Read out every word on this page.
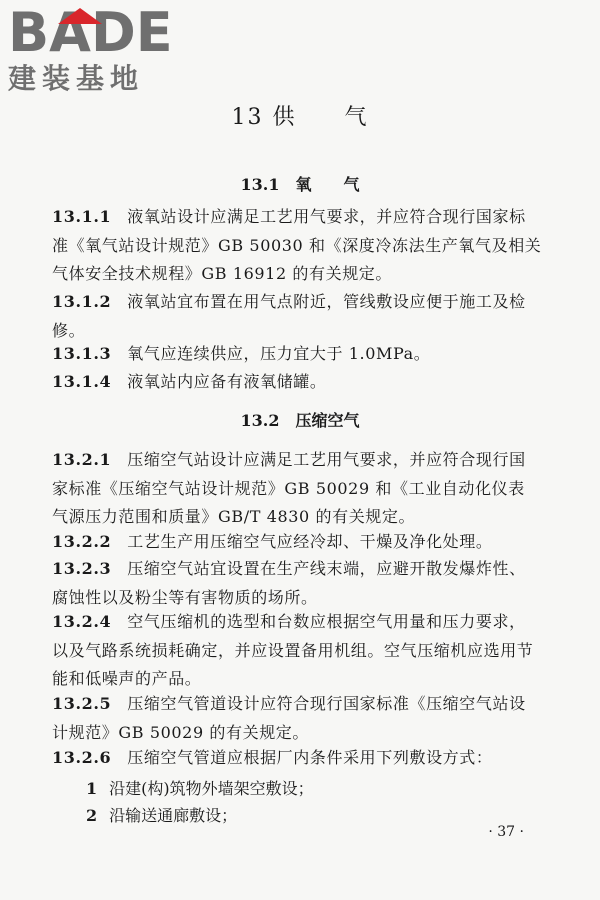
BADE
建装基地
13 供　　气
13.1　氧　　气
13.1.1 液氧站设计应满足工艺用气要求，并应符合现行国家标准《氧气站设计规范》GB 50030 和《深度冷冻法生产氧气及相关气体安全技术规程》GB 16912 的有关规定。
13.1.2 液氧站宜布置在用气点附近，管线敷设应便于施工及检修。
13.1.3 氧气应连续供应，压力宜大于 1.0MPa。
13.1.4 液氧站内应备有液氧储罐。
13.2　压缩空气
13.2.1 压缩空气站设计应满足工艺用气要求，并应符合现行国家标准《压缩空气站设计规范》GB 50029 和《工业自动化仪表　气源压力范围和质量》GB/T 4830 的有关规定。
13.2.2 工艺生产用压缩空气应经冷却、干燥及净化处理。
13.2.3 压缩空气站宜设置在生产线末端，应避开散发爆炸性、腐蚀性以及粉尘等有害物质的场所。
13.2.4 空气压缩机的选型和台数应根据空气用量和压力要求，以及气路系统损耗确定，并应设置备用机组。空气压缩机应选用节能和低噪声的产品。
13.2.5 压缩空气管道设计应符合现行国家标准《压缩空气站设计规范》GB 50029 的有关规定。
13.2.6 压缩空气管道应根据厂内条件采用下列敷设方式：
1 沿建(构)筑物外墙架空敷设；
2 沿输送通廊敷设；
· 37 ·
